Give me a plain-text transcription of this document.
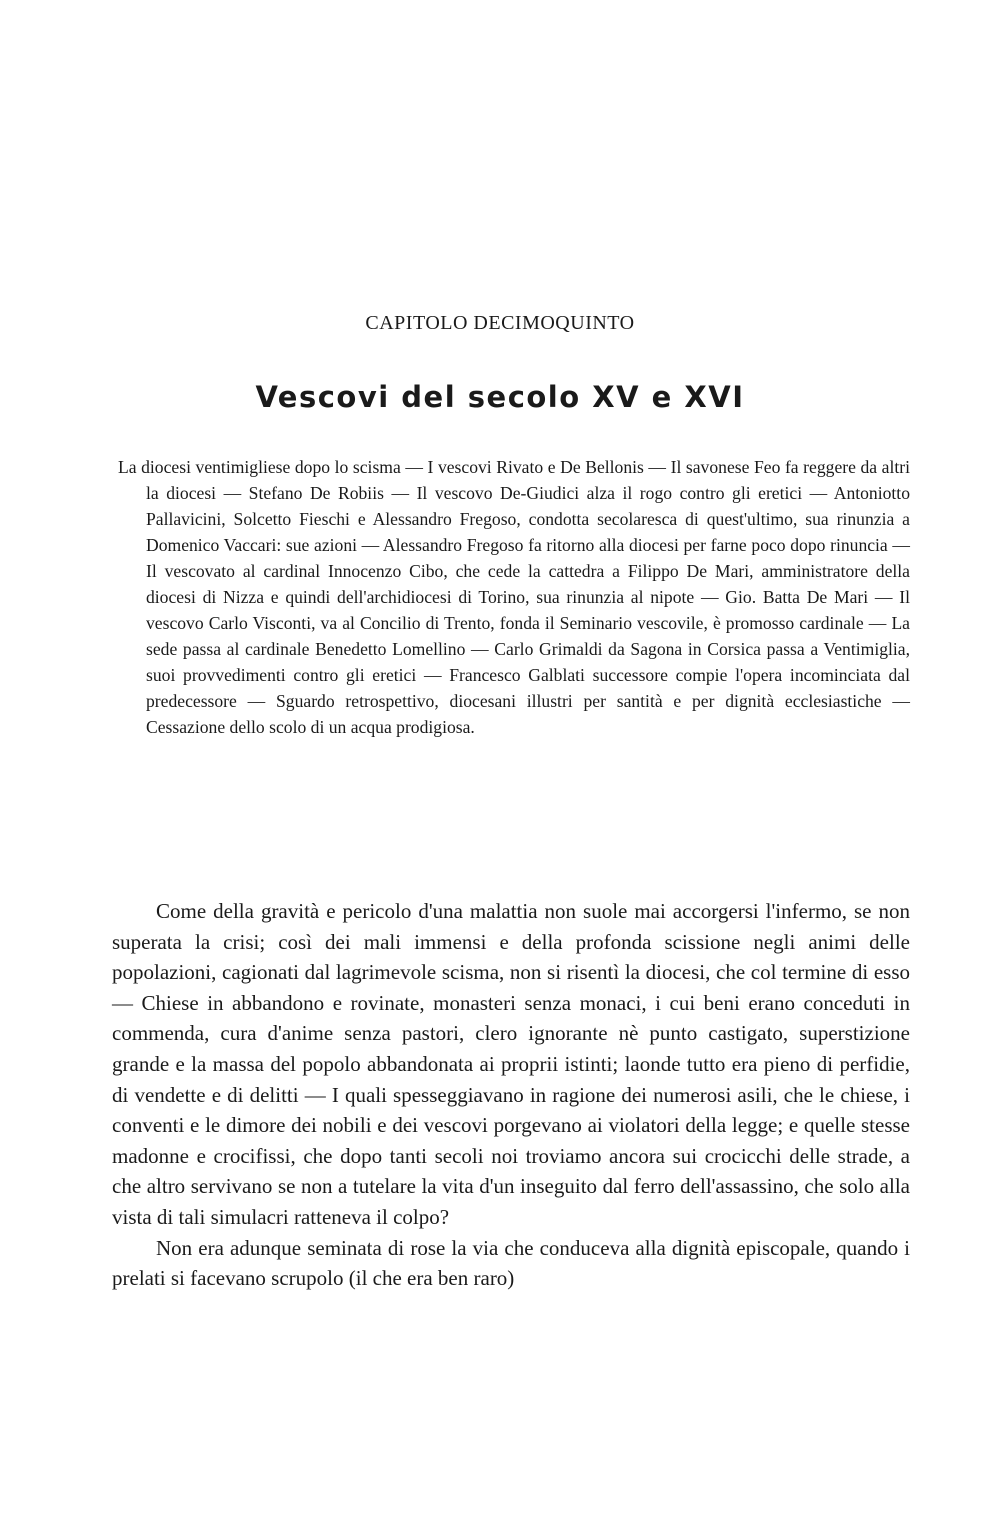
CAPITOLO DECIMOQUINTO
Vescovi del secolo XV e XVI

La diocesi ventimigliese dopo lo scisma — I vescovi Rivato e De Bellonis — Il savonese Feo fa reggere da altri la diocesi — Stefano De Robiis — Il vescovo De-Giudici alza il rogo contro gli eretici — Antoniotto Pallavicini, Solcetto Fieschi e Alessandro Fregoso, condotta secolaresca di quest'ultimo, sua rinunzia a Domenico Vaccari: sue azioni — Alessandro Fregoso fa ritorno alla diocesi per farne poco dopo rinuncia — Il vescovato al cardinal Innocenzo Cibo, che cede la cattedra a Filippo De Mari, amministratore della diocesi di Nizza e quindi dell'archidiocesi di Torino, sua rinunzia al nipote — Gio. Batta De Mari — Il vescovo Carlo Visconti, va al Concilio di Trento, fonda il Seminario vescovile, è promosso cardinale — La sede passa al cardinale Benedetto Lomellino — Carlo Grimaldi da Sagona in Corsica passa a Ventimiglia, suoi provvedimenti contro gli eretici — Francesco Galblati successore compie l'opera incominciata dal predecessore — Sguardo retrospettivo, diocesani illustri per santità e per dignità ecclesiastiche — Cessazione dello scolo di un acqua prodigiosa.

Come della gravità e pericolo d'una malattia non suole mai accorgersi l'infermo, se non superata la crisi; così dei mali immensi e della profonda scissione negli animi delle popolazioni, cagionati dal lagrimevole scisma, non si risentì la diocesi, che col termine di esso — Chiese in abbandono e rovinate, monasteri senza monaci, i cui beni erano conceduti in commenda, cura d'anime senza pastori, clero ignorante nè punto castigato, superstizione grande e la massa del popolo abbandonata ai proprii istinti; laonde tutto era pieno di perfidie, di vendette e di delitti — I quali spesseggiavano in ragione dei numerosi asili, che le chiese, i conventi e le dimore dei nobili e dei vescovi porgevano ai violatori della legge; e quelle stesse madonne e crocifissi, che dopo tanti secoli noi troviamo ancora sui crocicchi delle strade, a che altro servivano se non a tutelare la vita d'un inseguito dal ferro dell'assassino, che solo alla vista di tali simulacri ratteneva il colpo?

Non era adunque seminata di rose la via che conduceva alla dignità episcopale, quando i prelati si facevano scrupolo (il che era ben raro)
